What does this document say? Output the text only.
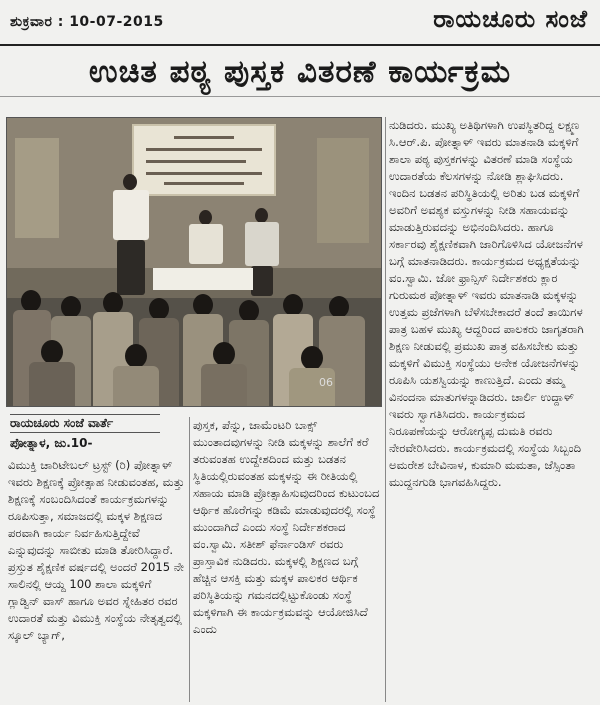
ಶುಕ್ರವಾರ : 10-07-2015	ರಾಯಚೂರು ಸಂಜೆ
ಉಚಿತ ಪಠ್ಯ ಪುಸ್ತಕ ವಿತರಣೆ ಕಾರ್ಯಕ್ರಮ
06
ರಾಯಚೂರು ಸಂಜೆ ವಾರ್ತೆ
ಪೋತ್ನಾಳ, ಜು.10-

ವಿಮುಕ್ತಿ ಚಾರಿಟೇಬಲ್ ಟ್ರಸ್ಟ್ (ರಿ) ಪೋತ್ನಾಳ್ ಇವರು ಶಿಕ್ಷಣಕ್ಕೆ ಪ್ರೋತ್ಸಾಹ ನೀಡುವಂತಹ, ಮತ್ತು ಶಿಕ್ಷಣಕ್ಕೆ ಸಂಬಂದಿಸಿದಂತೆ ಕಾರ್ಯಕ್ರಮಗಳನ್ನು ರೂಪಿಸುತ್ತಾ, ಸಮಾಜದಲ್ಲಿ ಮಕ್ಕಳ ಶಿಕ್ಷಣದ ಪರವಾಗಿ ಕಾರ್ಯ ನಿರ್ವಹಿಸುತ್ತಿದ್ದೇವೆ ಎನ್ನುವುದನ್ನು ಸಾಬೀತು ಮಾಡಿ ತೋರಿಸಿದ್ದಾರೆ. ಪ್ರಸ್ತುತ ಶೈಕ್ಷಣಿಕ ವರ್ಷದಲ್ಲಿ ಅಂದರೆ 2015 ನೇ ಸಾಲಿನಲ್ಲಿ ಆಯ್ದ 100 ಶಾಲಾ ಮಕ್ಕಳಿಗೆ ಗ್ಲಾಡ್ವಿನ್ ವಾಸ್ ಹಾಗೂ ಅವರ ಸ್ನೇಹಿತರ ರವರ ಉದಾರತೆ ಮತ್ತು ವಿಮುಕ್ತಿ ಸಂಸ್ಥೆಯ ನೇತೃತ್ವದಲ್ಲಿ ಸ್ಕೂಲ್ ಬ್ಯಾಗ್,

ಪುಸ್ತಕ, ಪೆನ್ನು, ಜಾಮೆಂಟರಿ ಬಾಕ್ಸ್ ಮುಂತಾದವುಗಳನ್ನು ನೀಡಿ ಮಕ್ಕಳನ್ನು ಶಾಲೆಗೆ ಕರೆ ತರುವಂತಹ ಉದ್ದೇಶದಿಂದ ಮತ್ತು ಬಡತನ ಸ್ಥಿತಿಯಲ್ಲಿರುವಂತಹ ಮಕ್ಕಳನ್ನು ಈ ರೀತಿಯಲ್ಲಿ ಸಹಾಯ ಮಾಡಿ ಪ್ರೋತ್ಸಾಹಿಸುವುದರಿಂದ ಕುಟುಂಬದ ಆರ್ಥಿಕ ಹೊರೆಗನ್ನು ಕಡಿಮೆ ಮಾಡುವುದರಲ್ಲಿ ಸಂಸ್ಥೆ ಮುಂದಾಗಿದೆ ಎಂದು ಸಂಸ್ಥೆ ನಿರ್ದೇಶಕರಾದ ವಂ.ಸ್ವಾಮಿ. ಸತೀಶ್ ಫೆರ್ನಾಂಡಿಸ್ ರವರು ಪ್ರಾಸ್ತಾವಿಕ ನುಡಿದರು. ಮಕ್ಕಳಲ್ಲಿ ಶಿಕ್ಷಣದ ಬಗ್ಗೆ ಹೆಚ್ಚಿನ ಆಸಕ್ತಿ ಮತ್ತು ಮಕ್ಕಳ ಪಾಲಕರ ಆರ್ಥಿಕ ಪರಿಸ್ಥಿತಿಯನ್ನು ಗಮನದಲ್ಲಿಟ್ಟುಕೊಂಡು ಸಂಸ್ಥೆ ಮಕ್ಕಳಿಗಾಗಿ ಈ ಕಾರ್ಯಕ್ರಮವನ್ನು ಆಯೋಜಿಸಿದೆ ಎಂದು

ನುಡಿದರು. ಮುಖ್ಯ ಅತಿಥಿಗಳಾಗಿ ಉಪಸ್ಥಿತರಿದ್ದ ಲಕ್ಷ್ಮಣ ಸಿ.ಆರ್.ಪಿ. ಪೋತ್ನಾಳ್ ಇವರು ಮಾತನಾಡಿ ಮಕ್ಕಳಿಗೆ ಶಾಲಾ ಪಠ್ಯ ಪುಸ್ತಕಗಳನ್ನು ವಿತರಣೆ ಮಾಡಿ ಸಂಸ್ಥೆಯ ಉದಾರತೆಯ ಕೆಲಸಗಳನ್ನು ನೋಡಿ ಶ್ಲಾಘಿಸಿದರು. ಇಂದಿನ ಬಡತನ ಪರಿಸ್ಥಿತಿಯಲ್ಲಿ ಅರಿತು ಬಡ ಮಕ್ಕಳಿಗೆ ಅವರಿಗೆ ಅವಶ್ಯಕ ವಸ್ತುಗಳನ್ನು ನೀಡಿ ಸಹಾಯವನ್ನು ಮಾಡುತ್ತಿರುವದನ್ನು ಅಭಿನಂದಿಸಿದರು. ಹಾಗೂ ಸರ್ಕಾರವು ಶೈಕ್ಷಣಿಕವಾಗಿ ಜಾರಿಗೊಳಿಸಿದ ಯೋಜನೆಗಳ ಬಗ್ಗೆ ಮಾತನಾಡಿದರು. ಕಾರ್ಯಕ್ರಮದ ಅಧ್ಯಕ್ಷತೆಯನ್ನು ವಂ.ಸ್ವಾಮಿ. ಜೋ ಫ್ರಾನ್ಸಿಸ್ ನಿರ್ದೇಶಕರು ಕ್ಲಾರ ಗುರುಮಠ ಪೋತ್ನಾಳ್ ಇವರು ಮಾತನಾಡಿ ಮಕ್ಕಳನ್ನು ಉತ್ತಮ ಪ್ರಜೆಗಳಾಗಿ ಬೆಳೆಸಬೇಕಾದರೆ ತಂದೆ ತಾಯಿಗಳ ಪಾತ್ರ ಬಹಳ ಮುಖ್ಯ ಆದ್ದರಿಂದ ಪಾಲಕರು ಜಾಗೃತರಾಗಿ ಶಿಕ್ಷಣ ನೀಡುವಲ್ಲಿ ಪ್ರಮುಖ ಪಾತ್ರ ವಹಿಸಬೇಕು ಮತ್ತು ಮಕ್ಕಳಿಗೆ ವಿಮುಕ್ತಿ ಸಂಸ್ಥೆಯು ಅನೇಕ ಯೋಜನೆಗಳನ್ನು ರೂಪಿಸಿ ಯಶಸ್ವಿಯನ್ನು ಕಾಣುತ್ತಿದೆ. ಎಂದು ತಮ್ಮ ವಿನಂದನಾ ಮಾತುಗಳನ್ನಾಡಿದರು. ಚಾರ್ಲಿ ಉದ್ದಾಳ್ ಇವರು ಸ್ವಾಗತಿಸಿದರು. ಕಾರ್ಯಕ್ರಮದ ನಿರೂಪಣೆಯನ್ನು ಆರೋಗ್ಯಪ್ಪ ದುಮತಿ ರವರು ನೇರವೇರಿಸಿದರು. ಕಾರ್ಯಕ್ರಮದಲ್ಲಿ ಸಂಸ್ಥೆಯ ಸಿಬ್ಬಂದಿ ಅಮರೇಶ ಬೇವಿನಾಳ, ಕುಮಾರಿ ಮಮತಾ, ಜೆಸ್ಸಿಂತಾ ಮುದ್ದನಗುಡಿ ಭಾಗವಹಿಸಿದ್ದರು.
